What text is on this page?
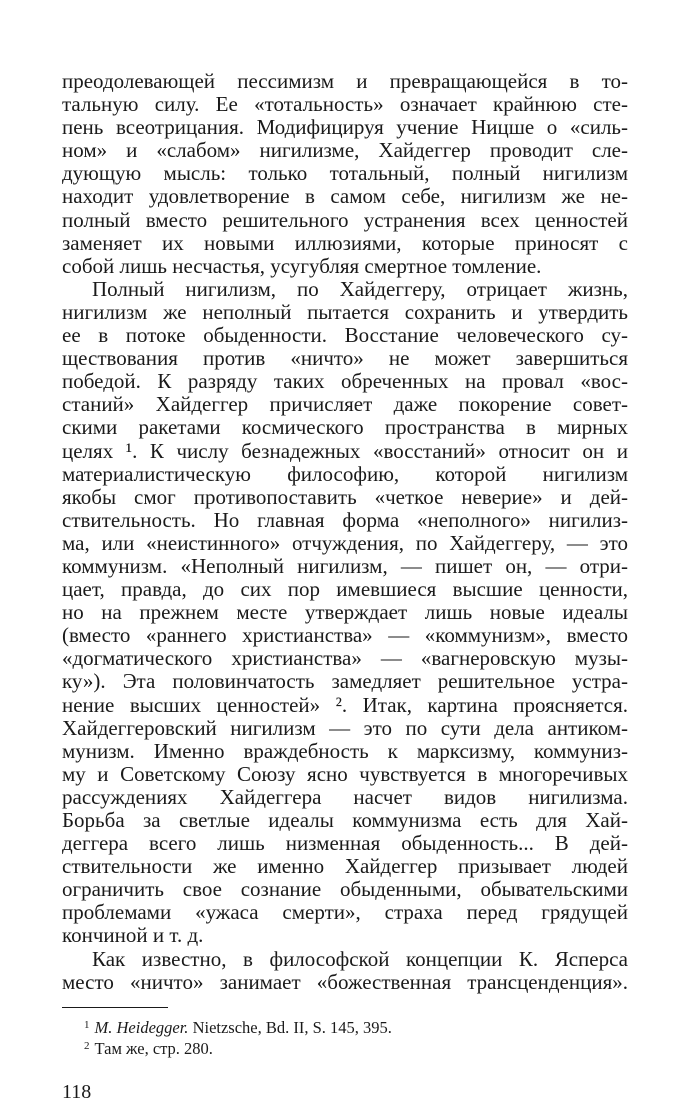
преодолевающей пессимизм и превращающейся в то-
тальную силу. Ее «тотальность» означает крайнюю сте-
пень всеотрицания. Модифицируя учение Ницше о «силь-
ном» и «слабом» нигилизме, Хайдеггер проводит сле-
дующую мысль: только тотальный, полный нигилизм
находит удовлетворение в самом себе, нигилизм же не-
полный вместо решительного устранения всех ценностей
заменяет их новыми иллюзиями, которые приносят с
собой лишь несчастья, усугубляя смертное томление.
Полный нигилизм, по Хайдеггеру, отрицает жизнь,
нигилизм же неполный пытается сохранить и утвердить
ее в потоке обыденности. Восстание человеческого су-
ществования против «ничто» не может завершиться
победой. К разряду таких обреченных на провал «вос-
станий» Хайдеггер причисляет даже покорение совет-
скими ракетами космического пространства в мирных
целях ¹. К числу безнадежных «восстаний» относит он и
материалистическую философию, которой нигилизм
якобы смог противопоставить «четкое неверие» и дей-
ствительность. Но главная форма «неполного» нигилиз-
ма, или «неистинного» отчуждения, по Хайдеггеру, — это
коммунизм. «Неполный нигилизм, — пишет он, — отри-
цает, правда, до сих пор имевшиеся высшие ценности,
но на прежнем месте утверждает лишь новые идеалы
(вместо «раннего христианства» — «коммунизм», вместо
«догматического христианства» — «вагнеровскую музы-
ку»). Эта половинчатость замедляет решительное устра-
нение высших ценностей» ². Итак, картина проясняется.
Хайдеггеровский нигилизм — это по сути дела антиком-
мунизм. Именно враждебность к марксизму, коммуниз-
му и Советскому Союзу ясно чувствуется в многоречивых
рассуждениях Хайдеггера насчет видов нигилизма.
Борьба за светлые идеалы коммунизма есть для Хай-
деггера всего лишь низменная обыденность... В дей-
ствительности же именно Хайдеггер призывает людей
ограничить свое сознание обыденными, обывательскими
проблемами «ужаса смерти», страха перед грядущей
кончиной и т. д.
Как известно, в философской концепции К. Ясперса
место «ничто» занимает «божественная трансценденция».
$^1$ M. Heidegger. Nietzsche, Bd. II, S. 145, 395.
$^2$ Там же, стр. 280.
118
